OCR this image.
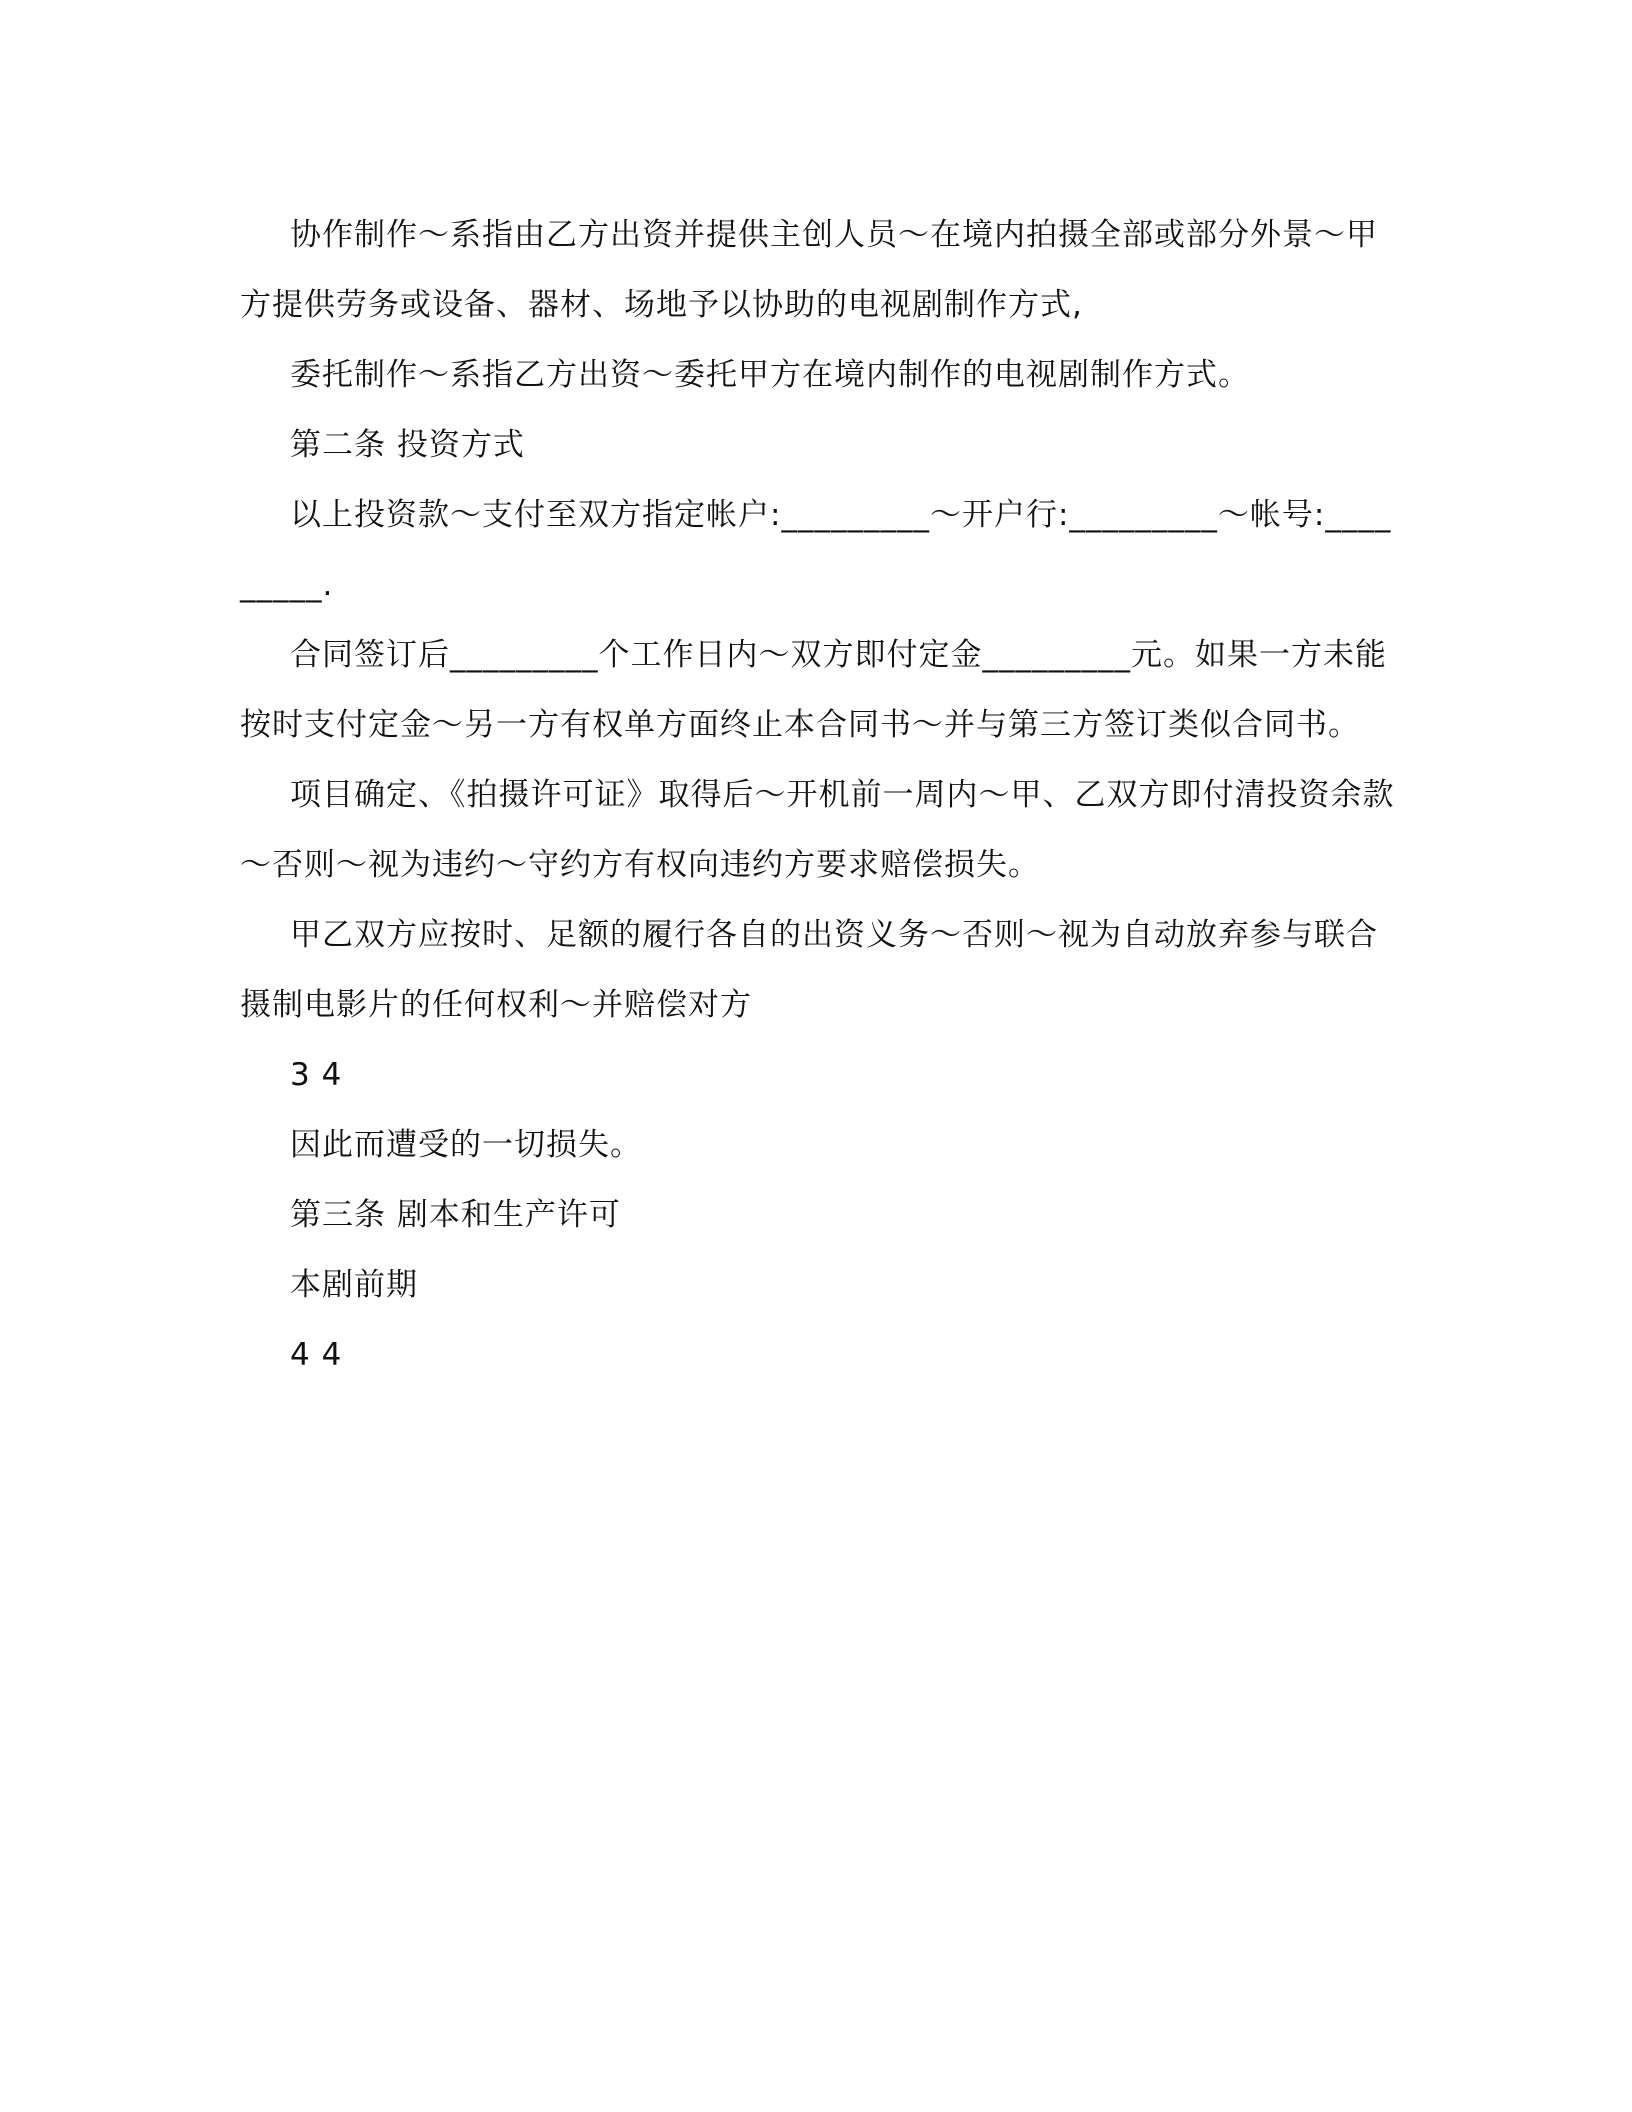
协作制作～系指由乙方出资并提供主创人员～在境内拍摄全部或部分外景～甲方提供劳务或设备、器材、场地予以协助的电视剧制作方式,

委托制作～系指乙方出资～委托甲方在境内制作的电视剧制作方式。

第二条 投资方式

以上投资款～支付至双方指定帐户:_________～开户行:_________～帐号:_________.

合同签订后_________个工作日内～双方即付定金_________元。如果一方未能按时支付定金～另一方有权单方面终止本合同书～并与第三方签订类似合同书。

项目确定、《拍摄许可证》取得后～开机前一周内～甲、乙双方即付清投资余款～否则～视为违约～守约方有权向违约方要求赔偿损失。

甲乙双方应按时、足额的履行各自的出资义务～否则～视为自动放弃参与联合摄制电影片的任何权利～并赔偿对方

3 4

因此而遭受的一切损失。

第三条 剧本和生产许可

本剧前期

4 4
